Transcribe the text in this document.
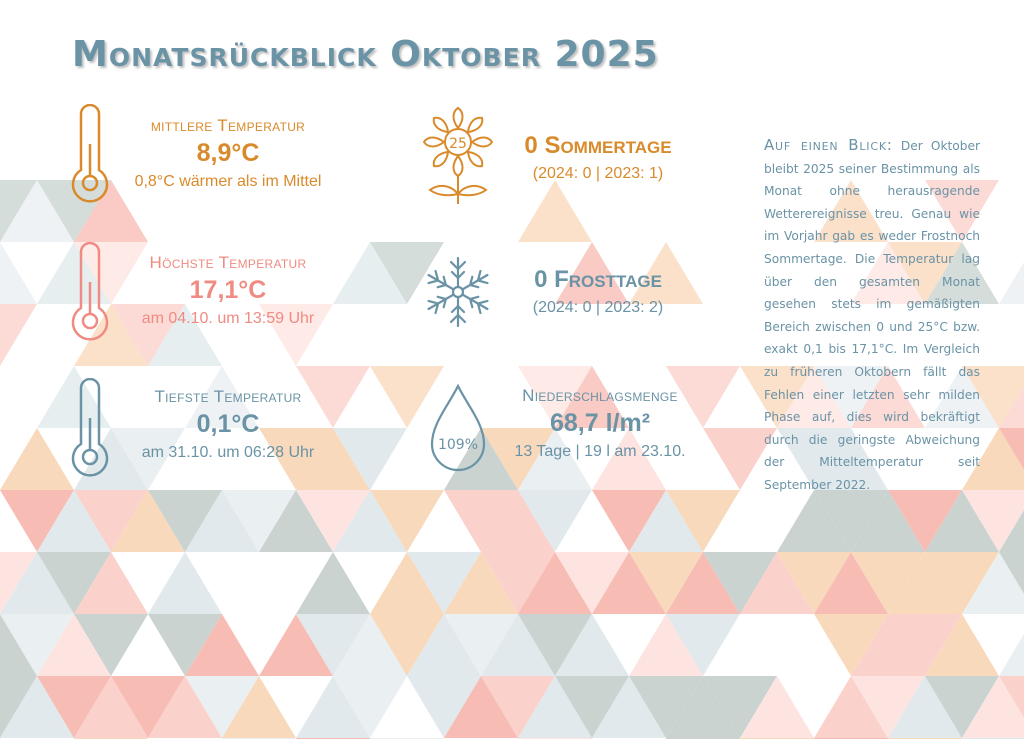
Monatsrückblick Oktober 2025
mittlere Temperatur
8,9°C
0,8°C wärmer als im Mittel
Höchste Temperatur
17,1°C
am 04.10. um 13:59 Uhr
Tiefste Temperatur
0,1°C
am 31.10. um 06:28 Uhr
25	0 Sommertage
(2024: 0 | 2023: 1)
0 Frosttage
(2024: 0 | 2023: 2)
109%
Niederschlagsmenge
68,7 l/m²
13 Tage | 19 l am 23.10.
Auf einen Blick: Der Oktober bleibt 2025 seiner Bestimmung als Monat ohne herausragende Wetterereignisse treu. Genau wie im Vorjahr gab es weder Frostnoch Sommertage. Die Temperatur lag über den gesamten Monat gesehen stets im gemäßigten Bereich zwischen 0 und 25°C bzw. exakt 0,1 bis 17,1°C. Im Vergleich zu früheren Oktobern fällt das Fehlen einer letzten sehr milden Phase auf, dies wird bekräftigt durch die geringste Abweichung der Mitteltemperatur seit September 2022.
